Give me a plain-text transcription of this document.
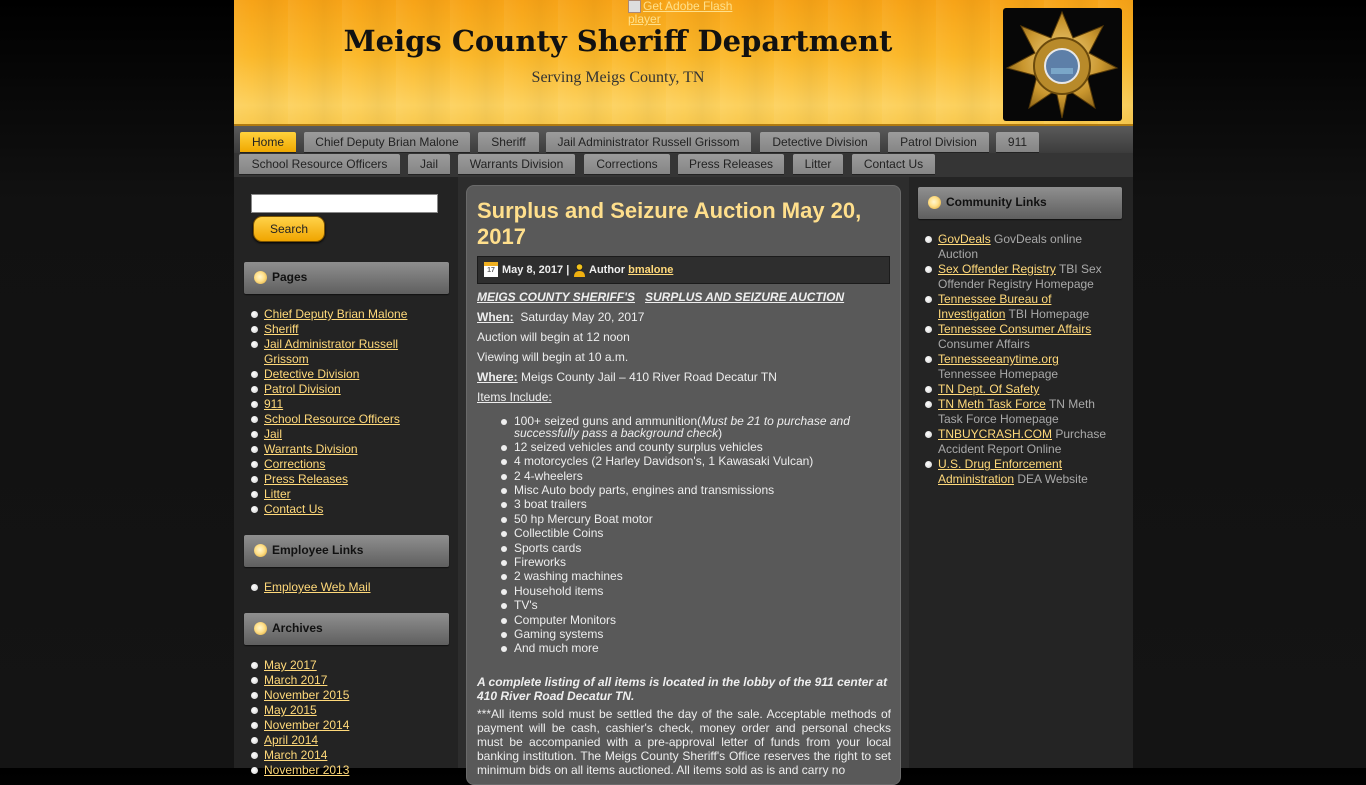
Get Adobe Flash player
Meigs County Sheriff Department
Serving Meigs County, TN
Home	Chief Deputy Brian Malone	Sheriff	Jail Administrator Russell Grissom	Detective Division	Patrol Division	911
School Resource Officers	Jail	Warrants Division	Corrections	Press Releases	Litter	Contact Us
Search
Pages
Chief Deputy Brian Malone
Sheriff
Jail Administrator Russell Grissom
Detective Division
Patrol Division
911
School Resource Officers
Jail
Warrants Division
Corrections
Press Releases
Litter
Contact Us
Employee Links
Employee Web Mail
Archives
May 2017
March 2017
November 2015
May 2015
November 2014
April 2014
March 2014
November 2013
Surplus and Seizure Auction May 20, 2017
17 May 8, 2017 | Author bmalone
MEIGS COUNTY SHERIFF'S SURPLUS AND SEIZURE AUCTION
When: Saturday May 20, 2017
Auction will begin at 12 noon
Viewing will begin at 10 a.m.
Where: Meigs County Jail – 410 River Road Decatur TN
Items Include:
100+ seized guns and ammunition(Must be 21 to purchase and successfully pass a background check)
12 seized vehicles and county surplus vehicles
4 motorcycles (2 Harley Davidson's, 1 Kawasaki Vulcan)
2 4-wheelers
Misc Auto body parts, engines and transmissions
3 boat trailers
50 hp Mercury Boat motor
Collectible Coins
Sports cards
Fireworks
2 washing machines
Household items
TV's
Computer Monitors
Gaming systems
And much more
A complete listing of all items is located in the lobby of the 911 center at 410 River Road Decatur TN.
***All items sold must be settled the day of the sale. Acceptable methods of payment will be cash, cashier's check, money order and personal checks must be accompanied with a pre-approval letter of funds from your local banking institution. The Meigs County Sheriff's Office reserves the right to set minimum bids on all items auctioned. All items sold as is and carry no
Community Links
GovDeals GovDeals online Auction
Sex Offender Registry TBI Sex Offender Registry Homepage
Tennessee Bureau of Investigation TBI Homepage
Tennessee Consumer Affairs Consumer Affairs
Tennesseeanytime.org Tennessee Homepage
TN Dept. Of Safety
TN Meth Task Force TN Meth Task Force Homepage
TNBUYCRASH.COM Purchase Accident Report Online
U.S. Drug Enforcement Administration DEA Website
